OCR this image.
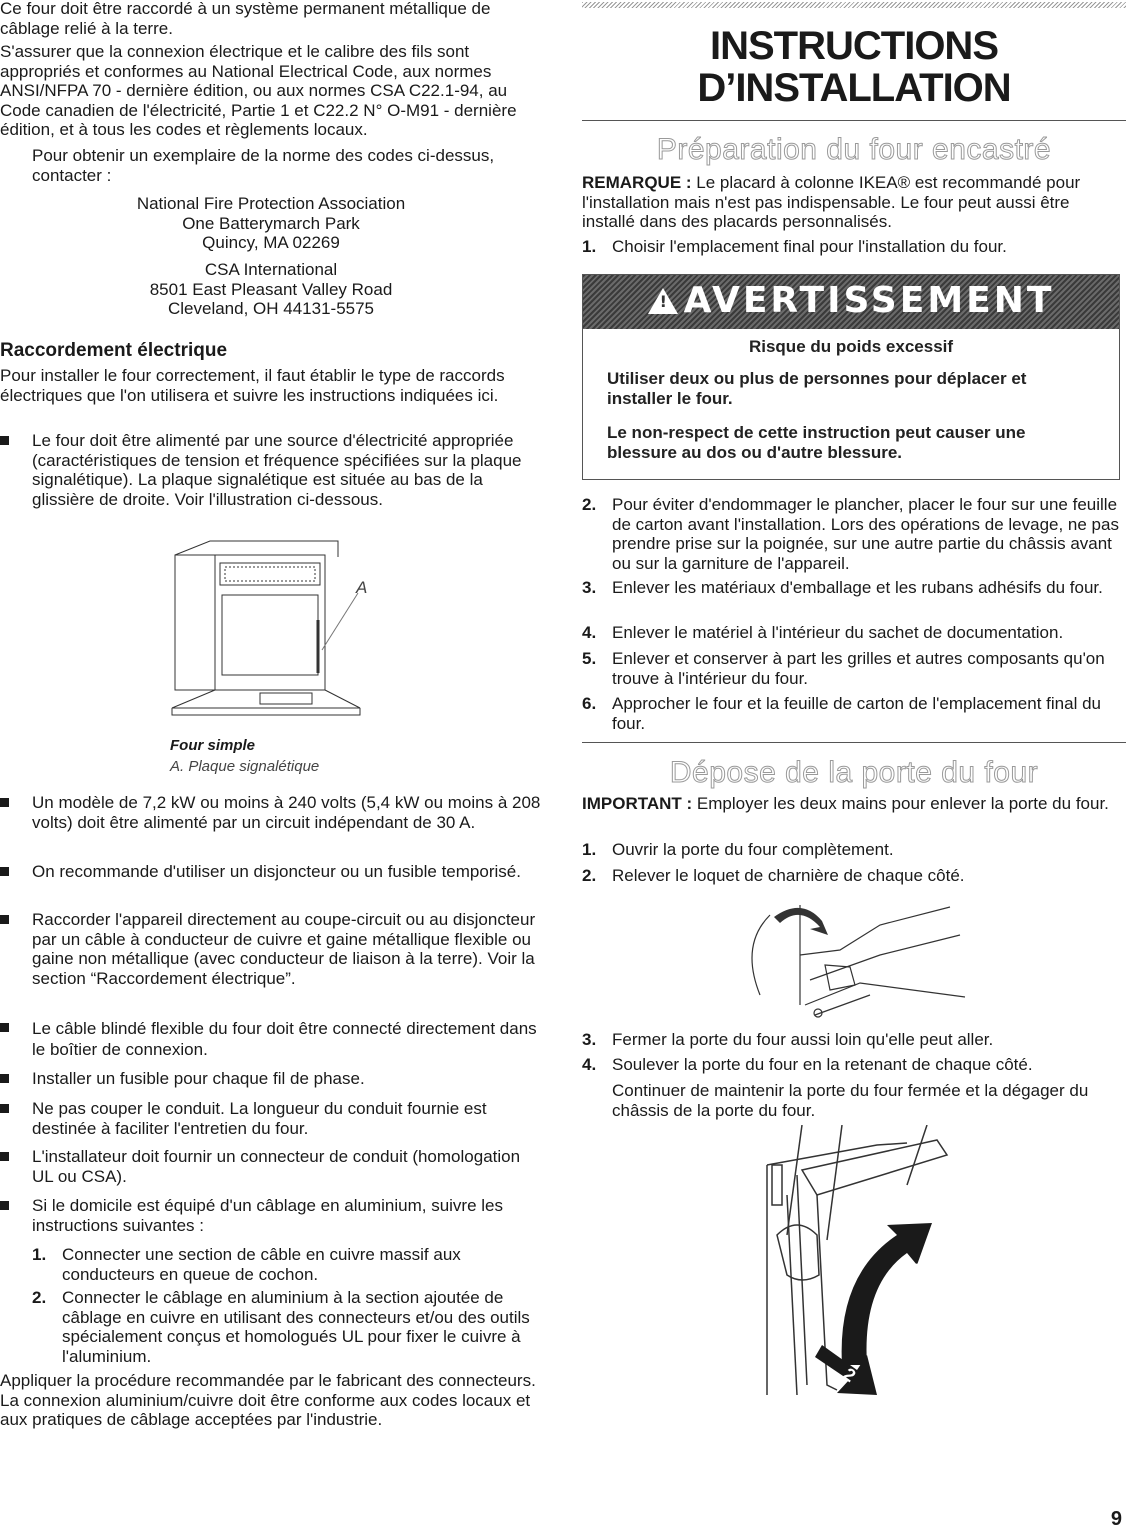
Ce four doit être raccordé à un système permanent métallique de câblage relié à la terre.

S'assurer que la connexion électrique et le calibre des fils sont appropriés et conformes au National Electrical Code, aux normes ANSI/NFPA 70 - dernière édition, ou aux normes CSA C22.1-94, au Code canadien de l'électricité, Partie 1 et C22.2 N° O-M91 - dernière édition, et à tous les codes et règlements locaux.

Pour obtenir un exemplaire de la norme des codes ci-dessus, contacter :

National Fire Protection Association

One Batterymarch Park

Quincy, MA 02269

CSA International

8501 East Pleasant Valley Road

Cleveland, OH 44131-5575

Raccordement électrique

Pour installer le four correctement, il faut établir le type de raccords électriques que l'on utilisera et suivre les instructions indiquées ici.

Le four doit être alimenté par une source d'électricité appropriée (caractéristiques de tension et fréquence spécifiées sur la plaque signalétique). La plaque signalétique est située au bas de la glissière de droite. Voir l'illustration ci-dessous.

A

Four simple

A. Plaque signalétique

Un modèle de 7,2 kW ou moins à 240 volts (5,4 kW ou moins à 208 volts) doit être alimenté par un circuit indépendant de 30 A.

On recommande d'utiliser un disjoncteur ou un fusible temporisé.

Raccorder l'appareil directement au coupe-circuit ou au disjoncteur par un câble à conducteur de cuivre et gaine métallique flexible ou gaine non métallique (avec conducteur de liaison à la terre). Voir la section “Raccordement électrique”.

Le câble blindé flexible du four doit être connecté directement dans le boîtier de connexion.

Installer un fusible pour chaque fil de phase.

Ne pas couper le conduit. La longueur du conduit fournie est destinée à faciliter l'entretien du four.

L'installateur doit fournir un connecteur de conduit (homologation UL ou CSA).

Si le domicile est équipé d'un câblage en aluminium, suivre les instructions suivantes :

1. Connecter une section de câble en cuivre massif aux conducteurs en queue de cochon.
2. Connecter le câblage en aluminium à la section ajoutée de câblage en cuivre en utilisant des connecteurs et/ou des outils spécialement conçus et homologués UL pour fixer le cuivre à l'aluminium.

Appliquer la procédure recommandée par le fabricant des connecteurs. La connexion aluminium/cuivre doit être conforme aux codes locaux et aux pratiques de câblage acceptées par l'industrie.

INSTRUCTIONS
D’INSTALLATION
Préparation du four encastré

REMARQUE : Le placard à colonne IKEA® est recommandé pour l'installation mais n'est pas indispensable. Le four peut aussi être installé dans des placards personnalisés.

1. Choisir l'emplacement final pour l'installation du four.
!AVERTISSEMENT

Risque du poids excessif

Utiliser deux ou plus de personnes pour déplacer et installer le four.

Le non-respect de cette instruction peut causer une blessure au dos ou d'autre blessure.

2. Pour éviter d'endommager le plancher, placer le four sur une feuille de carton avant l'installation. Lors des opérations de levage, ne pas prendre prise sur la poignée, sur une autre partie du châssis avant ou sur la garniture de l'appareil.
3. Enlever les matériaux d'emballage et les rubans adhésifs du four.
4. Enlever le matériel à l'intérieur du sachet de documentation.
5. Enlever et conserver à part les grilles et autres composants qu'on trouve à l'intérieur du four.
6. Approcher le four et la feuille de carton de l'emplacement final du four.
Dépose de la porte du four

IMPORTANT : Employer les deux mains pour enlever la porte du four.

1. Ouvrir la porte du four complètement.
2. Relever le loquet de charnière de chaque côté.
3. Fermer la porte du four aussi loin qu'elle peut aller.
4. Soulever la porte du four en la retenant de chaque côté.

Continuer de maintenir la porte du four fermée et la dégager du châssis de la porte du four.

1
2
9
